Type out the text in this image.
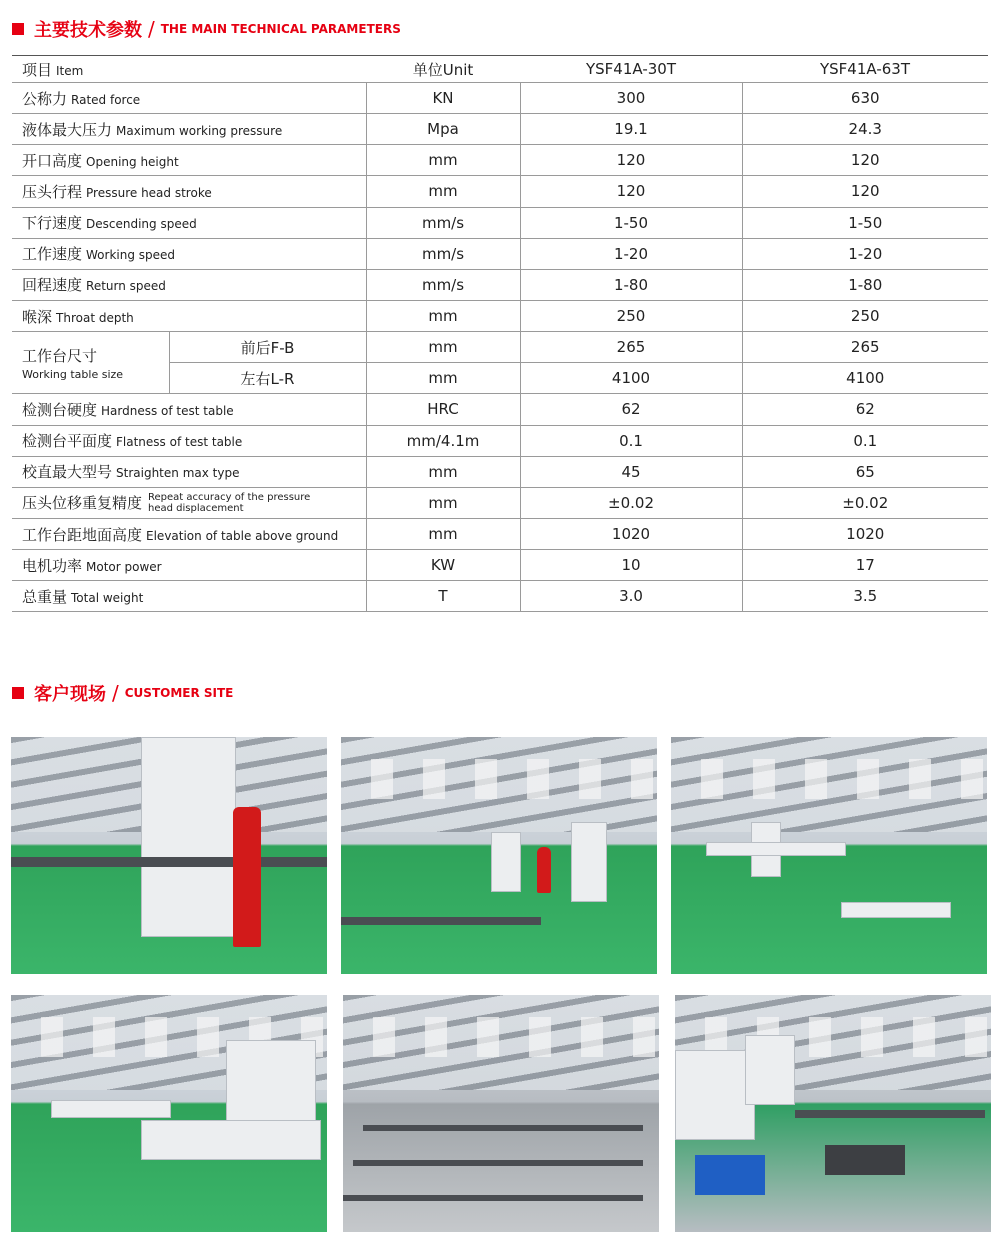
主要技术参数 / THE MAIN TECHNICAL PARAMETERS
项目 Item		单位Unit	YSF41A-30T	YSF41A-63T
公称力 Rated force		KN	300	630
液体最大压力 Maximum working pressure		Mpa	19.1	24.3
开口高度 Opening height		mm	120	120
压头行程 Pressure head stroke		mm	120	120
下行速度 Descending speed		mm/s	1-50	1-50
工作速度 Working speed		mm/s	1-20	1-20
回程速度 Return speed		mm/s	1-80	1-80
喉深 Throat depth		mm	250	250

工作台尺寸
Working table size	前后F-B	mm	265	265
	左右L-R	mm	4100	4100
检测台硬度 Hardness of test table		HRC	62	62
检测台平面度 Flatness of test table		mm/4.1m	0.1	0.1
校直最大型号 Straighten max type		mm	45	65
压头位移重复精度 Repeat accuracy of the pressure
head displacement		mm	±0.02	±0.02
工作台距地面高度 Elevation of table above ground		mm	1020	1020
电机功率 Motor power		KW	10	17
总重量 Total weight		T	3.0	3.5
客户现场 / CUSTOMER SITE
